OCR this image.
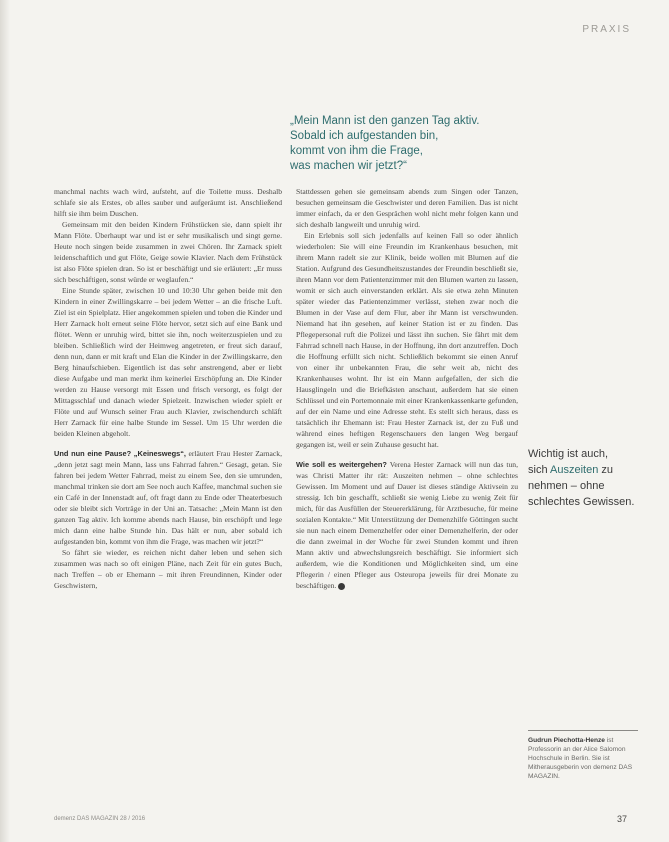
PRAXIS

„Mein Mann ist den ganzen Tag aktiv.

Sobald ich aufgestanden bin,

kommt von ihm die Frage,

was machen wir jetzt?“

manchmal nachts wach wird, aufsteht, auf die Toilette muss. Deshalb schlafe sie als Erstes, ob alles sauber und aufgeräumt ist. Anschließend hilft sie ihm beim Duschen.

Gemeinsam mit den beiden Kindern Frühstücken sie, dann spielt ihr Mann Flöte. Überhaupt war und ist er sehr musikalisch und singt gerne. Heute noch singen beide zusammen in zwei Chören. Ihr Zarnack spielt leidenschaftlich und gut Flöte, Geige sowie Klavier. Nach dem Frühstück ist also Flöte spielen dran. So ist er beschäftigt und sie erläutert: „Er muss sich beschäftigen, sonst würde er weglaufen.“

Eine Stunde später, zwischen 10 und 10:30 Uhr gehen beide mit den Kindern in einer Zwillingskarre – bei jedem Wetter – an die frische Luft. Ziel ist ein Spielplatz. Hier angekommen spielen und toben die Kinder und Herr Zarnack holt erneut seine Flöte hervor, setzt sich auf eine Bank und flötet. Wenn er unruhig wird, bittet sie ihn, noch weiterzuspielen und zu bleiben. Schließlich wird der Heimweg angetreten, er freut sich darauf, denn nun, dann er mit kraft und Elan die Kinder in der Zwillingskarre, den Berg hinaufschieben. Eigentlich ist das sehr anstrengend, aber er liebt diese Aufgabe und man merkt ihm keinerlei Erschöpfung an. Die Kinder werden zu Hause versorgt mit Essen und frisch versorgt, es folgt der Mittagsschlaf und danach wieder Spielzeit. Inzwischen wieder spielt er Flöte und auf Wunsch seiner Frau auch Klavier, zwischendurch schläft Herr Zarnack für eine halbe Stunde im Sessel. Um 15 Uhr werden die beiden Kleinen abgeholt.

Und nun eine Pause? „Keineswegs“, erläutert Frau Hester Zarnack, „denn jetzt sagt mein Mann, lass uns Fahrrad fahren.“ Gesagt, getan. Sie fahren bei jedem Wetter Fahrrad, meist zu einem See, den sie umrunden, manchmal trinken sie dort am See noch auch Kaffee, manchmal suchen sie ein Café in der Innenstadt auf, oft fragt dann zu Ende oder Theaterbesuch oder sie bleibt sich Vorträge in der Uni an. Tatsache: „Mein Mann ist den ganzen Tag aktiv. Ich komme abends nach Hause, bin erschöpft und lege mich dann eine halbe Stunde hin. Das hält er nun, aber sobald ich aufgestanden bin, kommt von ihm die Frage, was machen wir jetzt?“

So fährt sie wieder, es reichen nicht daher leben und sehen sich zusammen was nach so oft einigen Pläne, nach Zeit für ein gutes Buch, nach Treffen – ob er Ehemann – mit ihren Freundinnen, Kinder oder Geschwistern,

Stattdessen gehen sie gemeinsam abends zum Singen oder Tanzen, besuchen gemeinsam die Geschwister und deren Familien. Das ist nicht immer einfach, da er den Gesprächen wohl nicht mehr folgen kann und sich deshalb langweilt und unruhig wird.

Ein Erlebnis soll sich jedenfalls auf keinen Fall so oder ähnlich wiederholen: Sie will eine Freundin im Krankenhaus besuchen, mit ihrem Mann radelt sie zur Klinik, beide wollen mit Blumen auf die Station. Aufgrund des Gesundheitszustandes der Freundin beschließt sie, ihren Mann vor dem Patientenzimmer mit den Blumen warten zu lassen, womit er sich auch einverstanden erklärt. Als sie etwa zehn Minuten später wieder das Patientenzimmer verlässt, stehen zwar noch die Blumen in der Vase auf dem Flur, aber ihr Mann ist verschwunden. Niemand hat ihn gesehen, auf keiner Station ist er zu finden. Das Pflegepersonal ruft die Polizei und lässt ihn suchen. Sie fährt mit dem Fahrrad schnell nach Hause, in der Hoffnung, ihn dort anzutreffen. Doch die Hoffnung erfüllt sich nicht. Schließlich bekommt sie einen Anruf von einer ihr unbekannten Frau, die sehr weit ab, nicht des Krankenhauses wohnt. Ihr ist ein Mann aufgefallen, der sich die Hausglingeln und die Briefkästen anschaut, außerdem hat sie einen Schlüssel und ein Portemonnaie mit einer Krankenkassenkarte gefunden, auf der ein Name und eine Adresse steht. Es stellt sich heraus, dass es tatsächlich ihr Ehemann ist: Frau Hester Zarnack ist, der zu Fuß und während eines heftigen Regenschauers den langen Weg bergauf gegangen ist, weil er sein Zuhause gesucht hat.

Wie soll es weitergehen? Verena Hester Zarnack will nun das tun, was Christi Matter ihr rät: Auszeiten nehmen – ohne schlechtes Gewissen. Im Moment und auf Dauer ist dieses ständige Aktivsein zu stressig. Ich bin geschafft, schließt sie wenig Liebe zu wenig Zeit für mich, für das Ausfüllen der Steuererklärung, für Arztbesuche, für meine sozialen Kontakte.“ Mit Unterstützung der Demenzhilfe Göttingen sucht sie nun nach einem Demenzhelfer oder einer Demenzhelferin, der oder die dann zweimal in der Woche für zwei Stunden kommt und ihren Mann aktiv und abwechslungsreich beschäftigt. Sie informiert sich außerdem, wie die Konditionen und Möglichkeiten sind, um eine Pflegerin / einen Pfleger aus Osteuropa jeweils für drei Monate zu beschäftigen.

Wichtig ist auch,
sich Auszeiten zu
nehmen – ohne
schlechtes Gewissen.
Gudrun Piechotta-Henze ist Professorin an der Alice Salomon Hochschule in Berlin. Sie ist Mitherausgeberin von demenz DAS MAGAZIN.
demenz DAS MAGAZIN 28 / 2016	37
